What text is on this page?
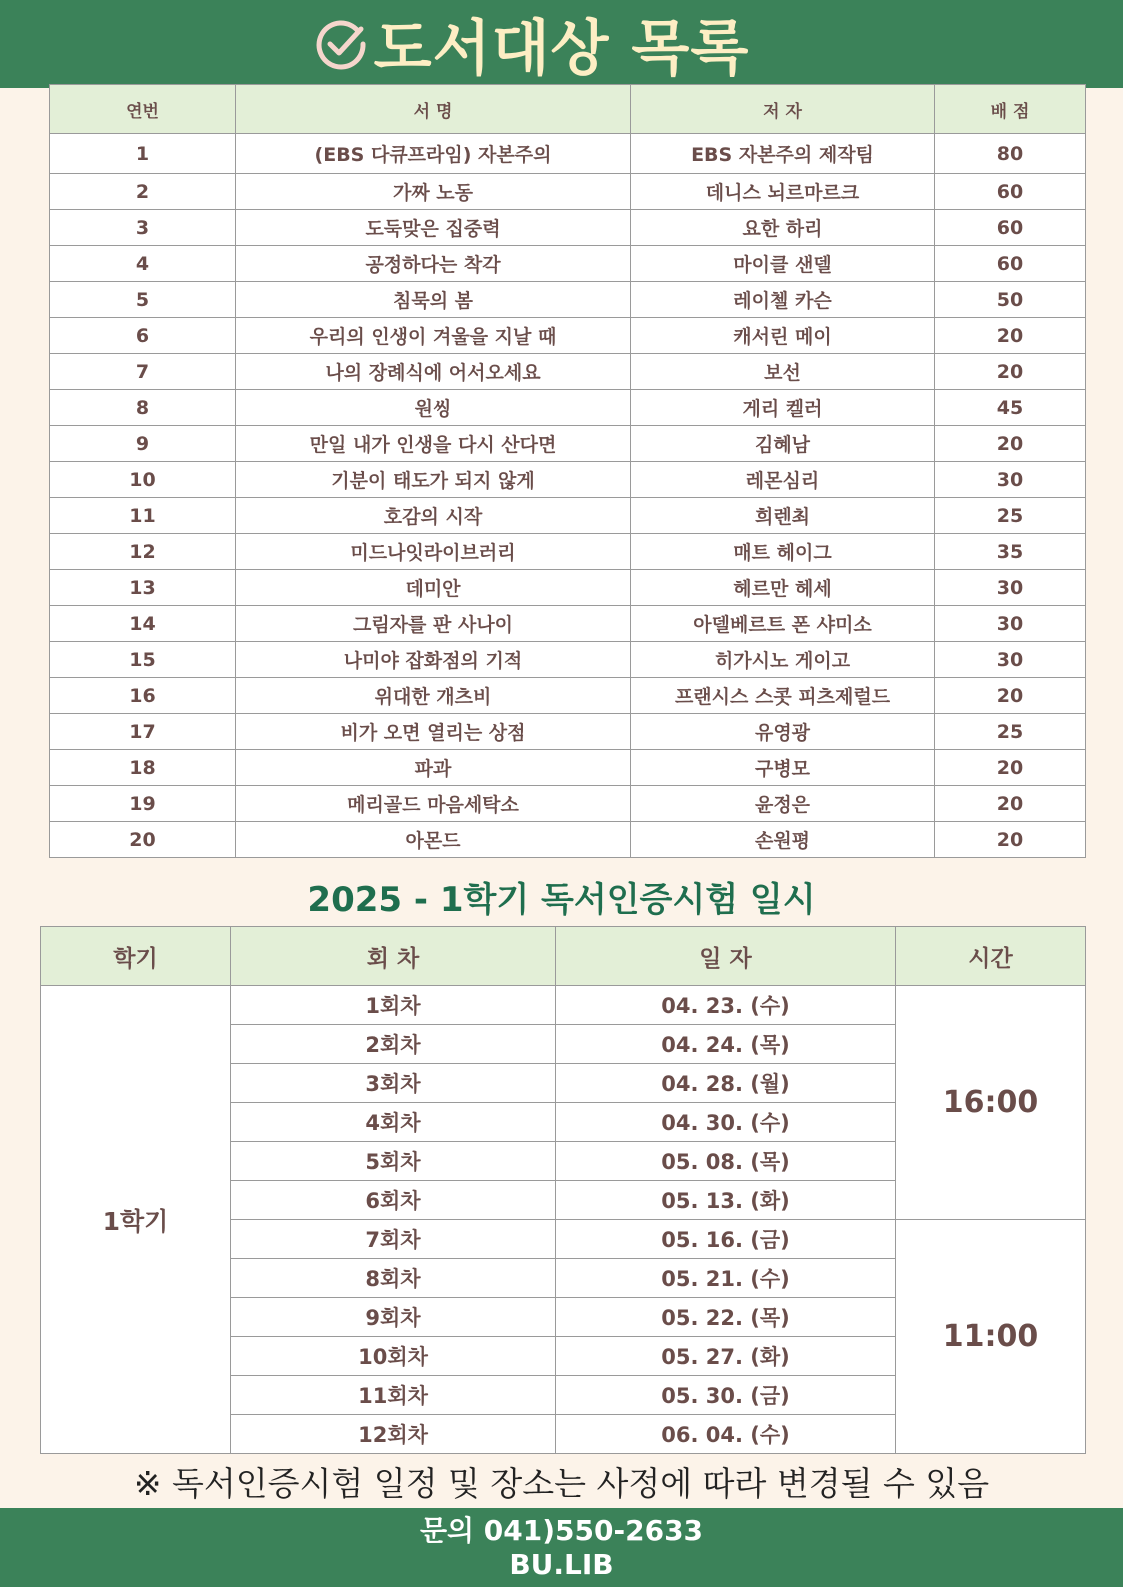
도서대상 목록
연번	서 명	저 자	배 점
1	(EBS 다큐프라임) 자본주의	EBS 자본주의 제작팀	80
2	가짜 노동	데니스 뇌르마르크	60
3	도둑맞은 집중력	요한 하리	60
4	공정하다는 착각	마이클 샌델	60
5	침묵의 봄	레이첼 카슨	50
6	우리의 인생이 겨울을 지날 때	캐서린 메이	20
7	나의 장례식에 어서오세요	보선	20
8	원씽	게리 켈러	45
9	만일 내가 인생을 다시 산다면	김혜남	20
10	기분이 태도가 되지 않게	레몬심리	30
11	호감의 시작	희렌최	25
12	미드나잇라이브러리	매트 헤이그	35
13	데미안	헤르만 헤세	30
14	그림자를 판 사나이	아델베르트 폰 샤미소	30
15	나미야 잡화점의 기적	히가시노 게이고	30
16	위대한 개츠비	프랜시스 스콧 피츠제럴드	20
17	비가 오면 열리는 상점	유영광	25
18	파과	구병모	20
19	메리골드 마음세탁소	윤정은	20
20	아몬드	손원평	20
2025 - 1학기 독서인증시험 일시
학기	회 차	일 자	시간
1학기	1회차	04. 23. (수)	16:00
	2회차	04. 24. (목)	
	3회차	04. 28. (월)	
	4회차	04. 30. (수)	
	5회차	05. 08. (목)	
	6회차	05. 13. (화)	
	7회차	05. 16. (금)	11:00
	8회차	05. 21. (수)	
	9회차	05. 22. (목)	
	10회차	05. 27. (화)	
	11회차	05. 30. (금)	
	12회차	06. 04. (수)	
※ 독서인증시험 일정 및 장소는 사정에 따라 변경될 수 있음
문의 041)550-2633
BU.LIB
